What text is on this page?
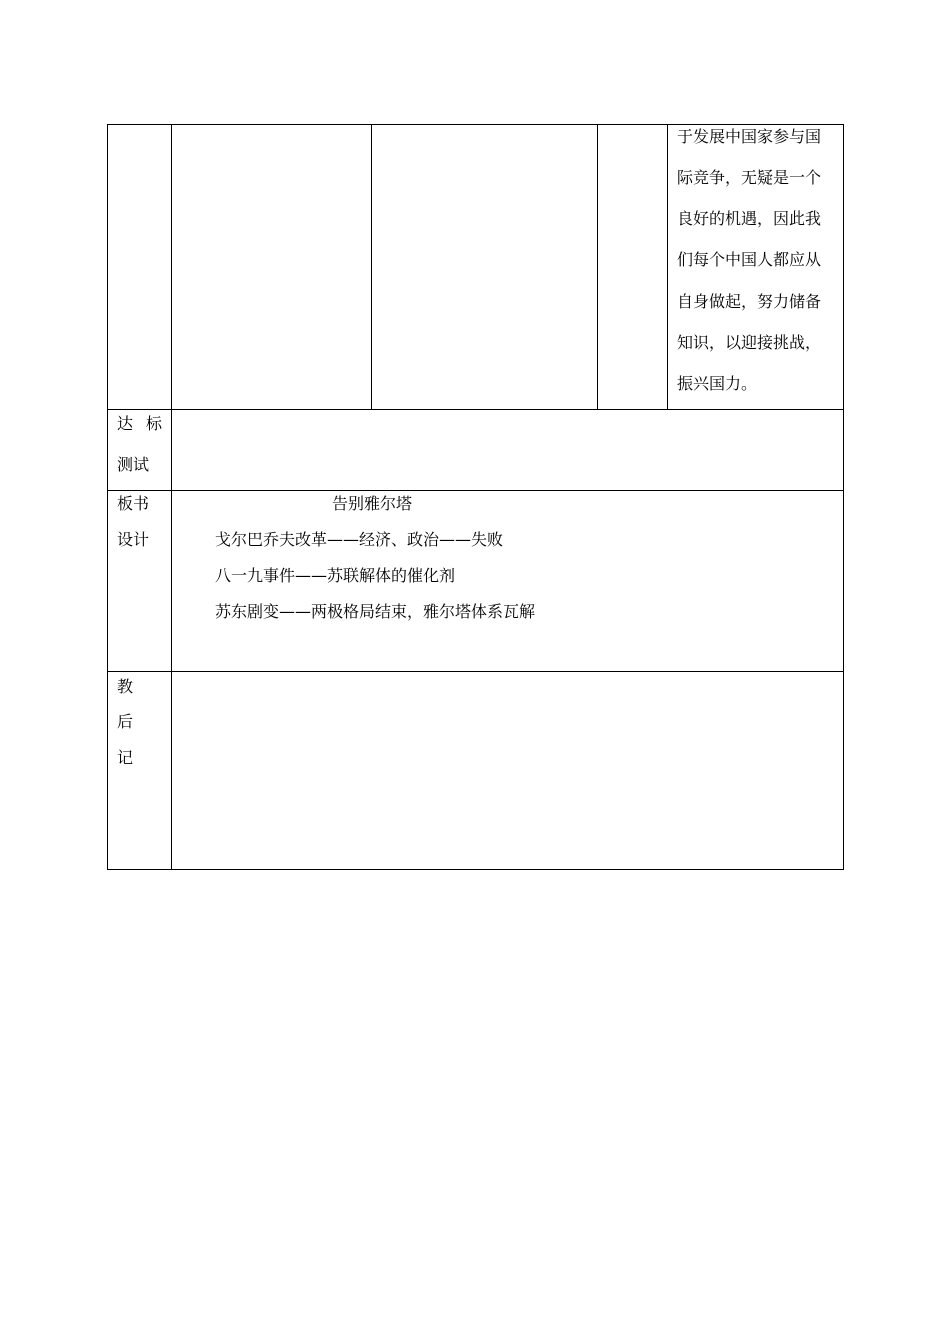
于发展中国家参与国
际竞争，无疑是一个
良好的机遇，因此我
们每个中国人都应从
自身做起，努力储备
知识，以迎接挑战，
振兴国力。
达 标
测试
板书
设计
告别雅尔塔
戈尔巴乔夫改革——经济、政治——失败
八一九事件——苏联解体的催化剂
苏东剧变——两极格局结束，雅尔塔体系瓦解
教
后
记
